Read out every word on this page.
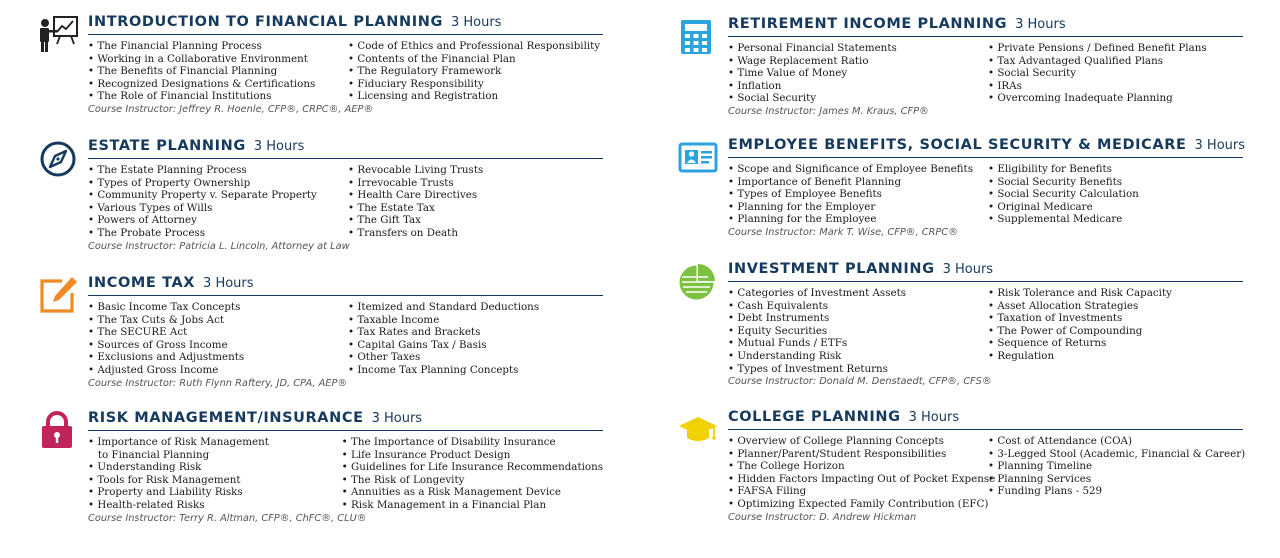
INTRODUCTION TO FINANCIAL PLANNING 3 Hours
• The Financial Planning Process
• Working in a Collaborative Environment
• The Benefits of Financial Planning
• Recognized Designations & Certifications
• The Role of Financial Institutions
• Code of Ethics and Professional Responsibility
• Contents of the Financial Plan
• The Regulatory Framework
• Fiduciary Responsibility
• Licensing and Registration
Course Instructor: Jeffrey R. Hoenle, CFP®, CRPC®, AEP®
ESTATE PLANNING 3 Hours
• The Estate Planning Process
• Types of Property Ownership
• Community Property v. Separate Property
• Various Types of Wills
• Powers of Attorney
• The Probate Process
• Revocable Living Trusts
• Irrevocable Trusts
• Health Care Directives
• The Estate Tax
• The Gift Tax
• Transfers on Death
Course Instructor: Patricia L. Lincoln, Attorney at Law
INCOME TAX 3 Hours
• Basic Income Tax Concepts
• The Tax Cuts & Jobs Act
• The SECURE Act
• Sources of Gross Income
• Exclusions and Adjustments
• Adjusted Gross Income
• Itemized and Standard Deductions
• Taxable Income
• Tax Rates and Brackets
• Capital Gains Tax / Basis
• Other Taxes
• Income Tax Planning Concepts
Course Instructor: Ruth Flynn Raftery, JD, CPA, AEP®
RISK MANAGEMENT/INSURANCE 3 Hours
• Importance of Risk Management
to Financial Planning
• Understanding Risk
• Tools for Risk Management
• Property and Liability Risks
• Health-related Risks
• The Importance of Disability Insurance
• Life Insurance Product Design
• Guidelines for Life Insurance Recommendations
• The Risk of Longevity
• Annuities as a Risk Management Device
• Risk Management in a Financial Plan
Course Instructor: Terry R. Altman, CFP®, ChFC®, CLU®
RETIREMENT INCOME PLANNING 3 Hours
• Personal Financial Statements
• Wage Replacement Ratio
• Time Value of Money
• Inflation
• Social Security
• Private Pensions / Defined Benefit Plans
• Tax Advantaged Qualified Plans
• Social Security
• IRAs
• Overcoming Inadequate Planning
Course Instructor: James M. Kraus, CFP®
EMPLOYEE BENEFITS, SOCIAL SECURITY & MEDICARE 3 Hours
• Scope and Significance of Employee Benefits
• Importance of Benefit Planning
• Types of Employee Benefits
• Planning for the Employer
• Planning for the Employee
• Eligibility for Benefits
• Social Security Benefits
• Social Security Calculation
• Original Medicare
• Supplemental Medicare
Course Instructor: Mark T. Wise, CFP®, CRPC®
INVESTMENT PLANNING 3 Hours
• Categories of Investment Assets
• Cash Equivalents
• Debt Instruments
• Equity Securities
• Mutual Funds / ETFs
• Understanding Risk
• Types of Investment Returns
• Risk Tolerance and Risk Capacity
• Asset Allocation Strategies
• Taxation of Investments
• The Power of Compounding
• Sequence of Returns
• Regulation
Course Instructor: Donald M. Denstaedt, CFP®, CFS®
COLLEGE PLANNING 3 Hours
• Overview of College Planning Concepts
• Planner/Parent/Student Responsibilities
• The College Horizon
• Hidden Factors Impacting Out of Pocket Expense
• FAFSA Filing
• Optimizing Expected Family Contribution (EFC)
• Cost of Attendance (COA)
• 3-Legged Stool (Academic, Financial & Career)
• Planning Timeline
• Planning Services
• Funding Plans - 529
Course Instructor: D. Andrew Hickman
